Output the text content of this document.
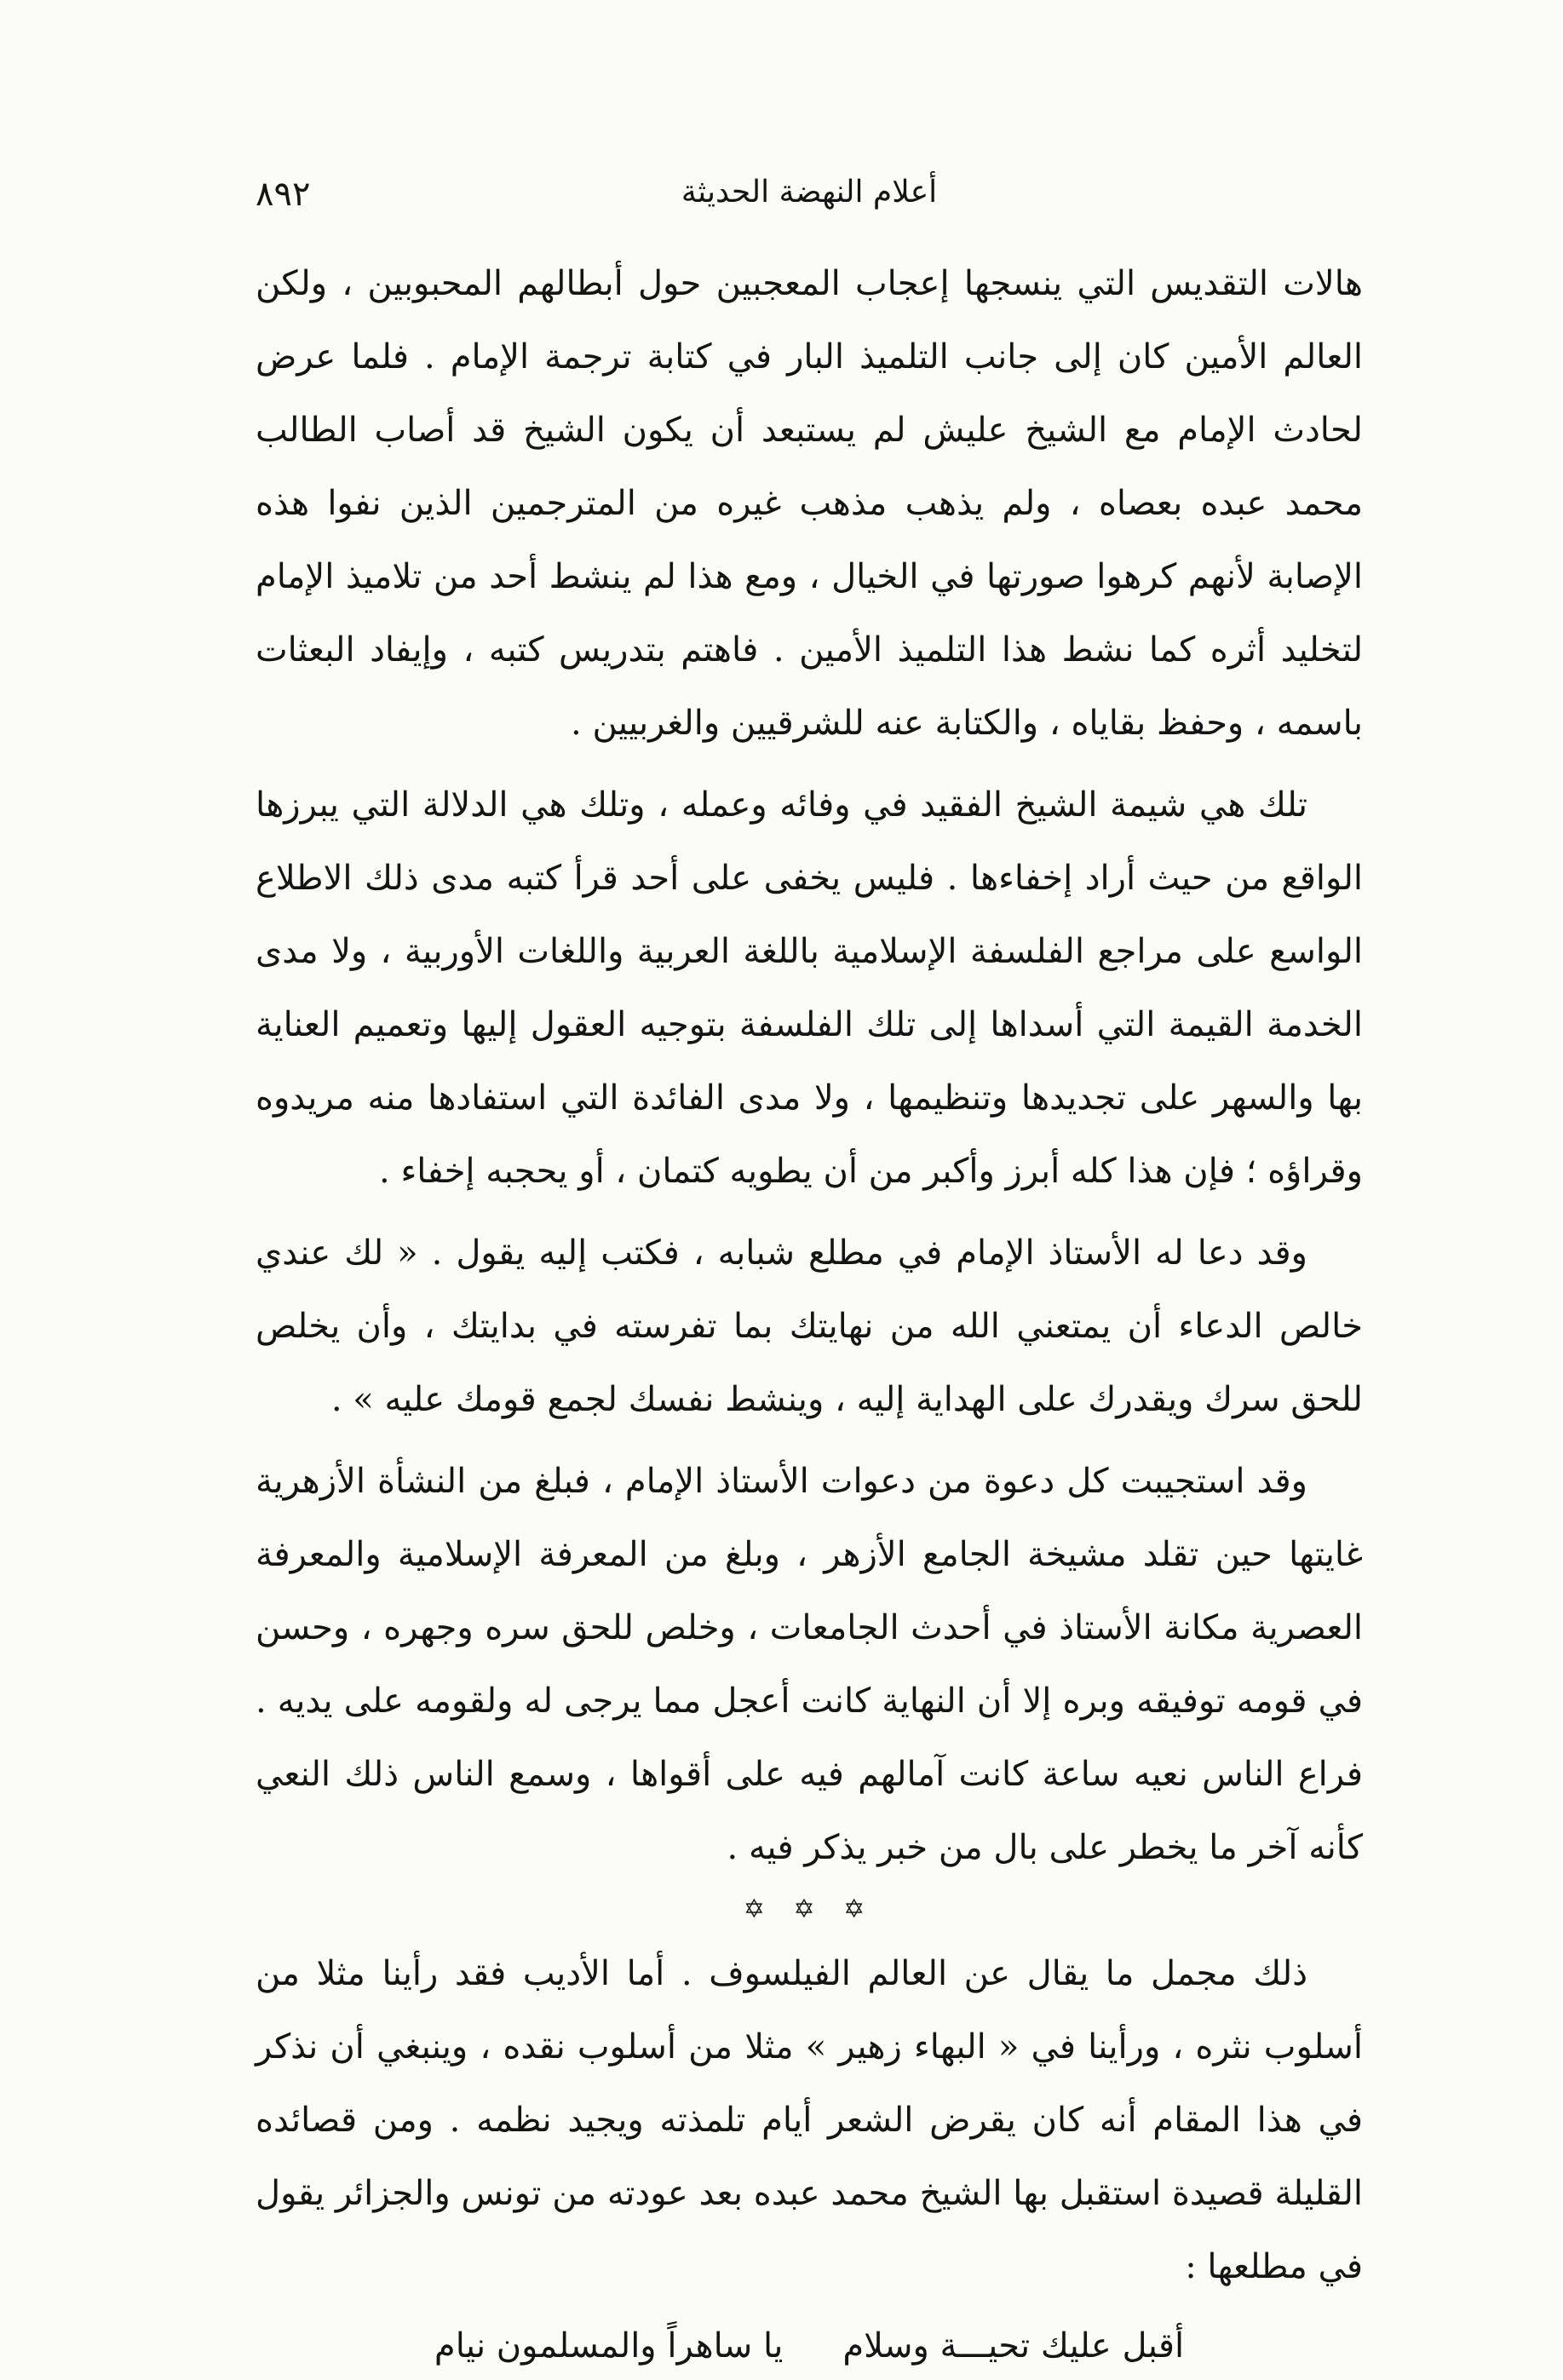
٨٩٢	أعلام النهضة الحديثة

هالات التقديس التي ينسجها إعجاب المعجبين حول أبطالهم المحبوبين ، ولكن العالم الأمين كان إلى جانب التلميذ البار في كتابة ترجمة الإمام . فلما عرض لحادث الإمام مع الشيخ عليش لم يستبعد أن يكون الشيخ قد أصاب الطالب محمد عبده بعصاه ، ولم يذهب مذهب غيره من المترجمين الذين نفوا هذه الإصابة لأنهم كرهوا صورتها في الخيال ، ومع هذا لم ينشط أحد من تلاميذ الإمام لتخليد أثره كما نشط هذا التلميذ الأمين . فاهتم بتدريس كتبه ، وإيفاد البعثات باسمه ، وحفظ بقاياه ، والكتابة عنه للشرقيين والغربيين .

تلك هي شيمة الشيخ الفقيد في وفائه وعمله ، وتلك هي الدلالة التي يبرزها الواقع من حيث أراد إخفاءها . فليس يخفى على أحد قرأ كتبه مدى ذلك الاطلاع الواسع على مراجع الفلسفة الإسلامية باللغة العربية واللغات الأوربية ، ولا مدى الخدمة القيمة التي أسداها إلى تلك الفلسفة بتوجيه العقول إليها وتعميم العناية بها والسهر على تجديدها وتنظيمها ، ولا مدى الفائدة التي استفادها منه مريدوه وقراؤه ؛ فإن هذا كله أبرز وأكبر من أن يطويه كتمان ، أو يحجبه إخفاء .

وقد دعا له الأستاذ الإمام في مطلع شبابه ، فكتب إليه يقول . « لك عندي خالص الدعاء أن يمتعني الله من نهايتك بما تفرسته في بدايتك ، وأن يخلص للحق سرك ويقدرك على الهداية إليه ، وينشط نفسك لجمع قومك عليه » .

وقد استجيبت كل دعوة من دعوات الأستاذ الإمام ، فبلغ من النشأة الأزهرية غايتها حين تقلد مشيخة الجامع الأزهر ، وبلغ من المعرفة الإسلامية والمعرفة العصرية مكانة الأستاذ في أحدث الجامعات ، وخلص للحق سره وجهره ، وحسن في قومه توفيقه وبره إلا أن النهاية كانت أعجل مما يرجى له ولقومه على يديه . فراع الناس نعيه ساعة كانت آمالهم فيه على أقواها ، وسمع الناس ذلك النعي كأنه آخر ما يخطر على بال من خبر يذكر فيه .

✡ ✡ ✡

ذلك مجمل ما يقال عن العالم الفيلسوف . أما الأديب فقد رأينا مثلا من أسلوب نثره ، ورأينا في « البهاء زهير » مثلا من أسلوب نقده ، وينبغي أن نذكر في هذا المقام أنه كان يقرض الشعر أيام تلمذته ويجيد نظمه . ومن قصائده القليلة قصيدة استقبل بها الشيخ محمد عبده بعد عودته من تونس والجزائر يقول في مطلعها :

أقبل عليك تحيـــة وسلام
يا ساهراً والمسلمون نيام
